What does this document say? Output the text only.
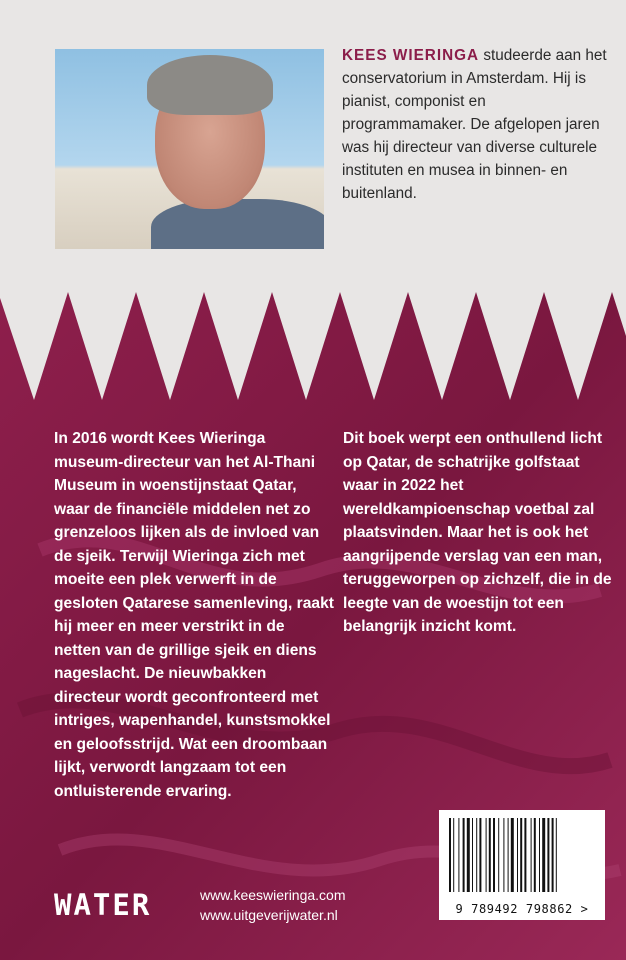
KEES WIERINGA studeerde aan het conservatorium in Amsterdam. Hij is pianist, componist en programmamaker. De afgelopen jaren was hij directeur van diverse culturele instituten en musea in binnen- en buitenland.
In 2016 wordt Kees Wieringa museum-directeur van het Al-Thani Museum in woenstijnstaat Qatar, waar de financiële middelen net zo grenzeloos lijken als de invloed van de sjeik. Terwijl Wieringa zich met moeite een plek verwerft in de gesloten Qatarese samenleving, raakt hij meer en meer verstrikt in de netten van de grillige sjeik en diens nageslacht. De nieuwbakken directeur wordt geconfronteerd met intriges, wapenhandel, kunstsmokkel en geloofsstrijd. Wat een droombaan lijkt, verwordt langzaam tot een ontluisterende ervaring.
Dit boek werpt een onthullend licht op Qatar, de schatrijke golfstaat waar in 2022 het wereldkampioenschap voetbal zal plaatsvinden. Maar het is ook het aangrijpende verslag van een man, teruggeworpen op zichzelf, die in de leegte van de woestijn tot een belangrijk inzicht komt.
WATER	www.keeswieringa.com
www.uitgeverijwater.nl	9 789492 798862 >
